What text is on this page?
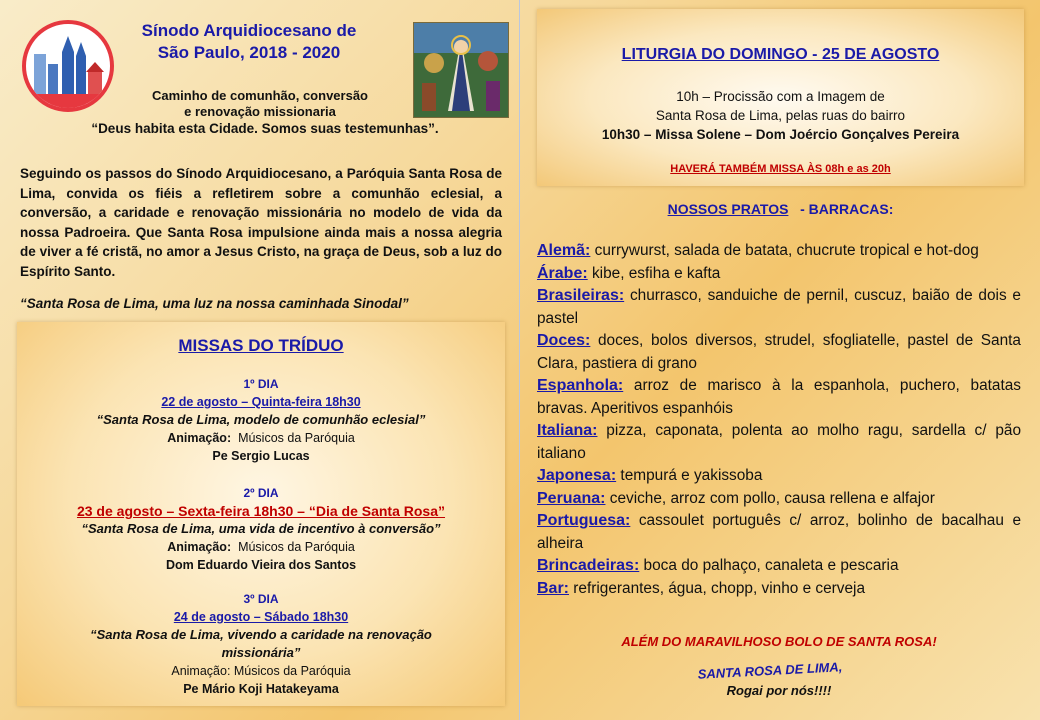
Sínodo Arquidiocesano de
São Paulo, 2018 - 2020
Caminho de comunhão, conversão
e renovação missionaria
“Deus habita esta Cidade. Somos suas testemunhas”.
Seguindo os passos do Sínodo Arquidiocesano, a Paróquia Santa Rosa de Lima, convida os fiéis a refletirem sobre a comunhão eclesial, a conversão, a caridade e renovação missionária no modelo de vida da nossa Padroeira. Que Santa Rosa impulsione ainda mais a nossa alegria de viver a fé cristã, no amor a Jesus Cristo, na graça de Deus, sob a luz do Espírito Santo.
“Santa Rosa de Lima, uma luz na nossa caminhada Sinodal”
MISSAS DO TRÍDUO
1º DIA
22 de agosto – Quinta-feira 18h30
“Santa Rosa de Lima, modelo de comunhão eclesial”
Animação: Músicos da Paróquia
Pe Sergio Lucas
2º DIA
23 de agosto – Sexta-feira 18h30 – “Dia de Santa Rosa”
“Santa Rosa de Lima, uma vida de incentivo à conversão”
Animação: Músicos da Paróquia
Dom Eduardo Vieira dos Santos
3º DIA
24 de agosto – Sábado 18h30
“Santa Rosa de Lima, vivendo a caridade na renovação
missionária”
Animação: Músicos da Paróquia
Pe Mário Koji Hatakeyama
LITURGIA DO DOMINGO - 25 DE AGOSTO
10h – Procissão com a Imagem de
Santa Rosa de Lima, pelas ruas do bairro
10h30 – Missa Solene – Dom Joércio Gonçalves Pereira
HAVERÁ TAMBÉM MISSA ÀS 08h e as 20h
NOSSOS PRATOS - BARRACAS:
Alemã: currywurst, salada de batata, chucrute tropical e hot-dog
Árabe: kibe, esfiha e kafta
Brasileiras: churrasco, sanduiche de pernil, cuscuz, baião de dois e pastel
Doces: doces, bolos diversos, strudel, sfogliatelle, pastel de Santa Clara, pastiera di grano
Espanhola: arroz de marisco à la espanhola, puchero, batatas bravas. Aperitivos espanhóis
Italiana: pizza, caponata, polenta ao molho ragu, sardella c/ pão italiano
Japonesa: tempurá e yakissoba
Peruana: ceviche, arroz com pollo, causa rellena e alfajor
Portuguesa: cassoulet português c/ arroz, bolinho de bacalhau e alheira
Brincadeiras: boca do palhaço, canaleta e pescaria
Bar: refrigerantes, água, chopp, vinho e cerveja
ALÉM DO MARAVILHOSO BOLO DE SANTA ROSA!
SANTA ROSA DE LIMA,
Rogai por nós!!!!
